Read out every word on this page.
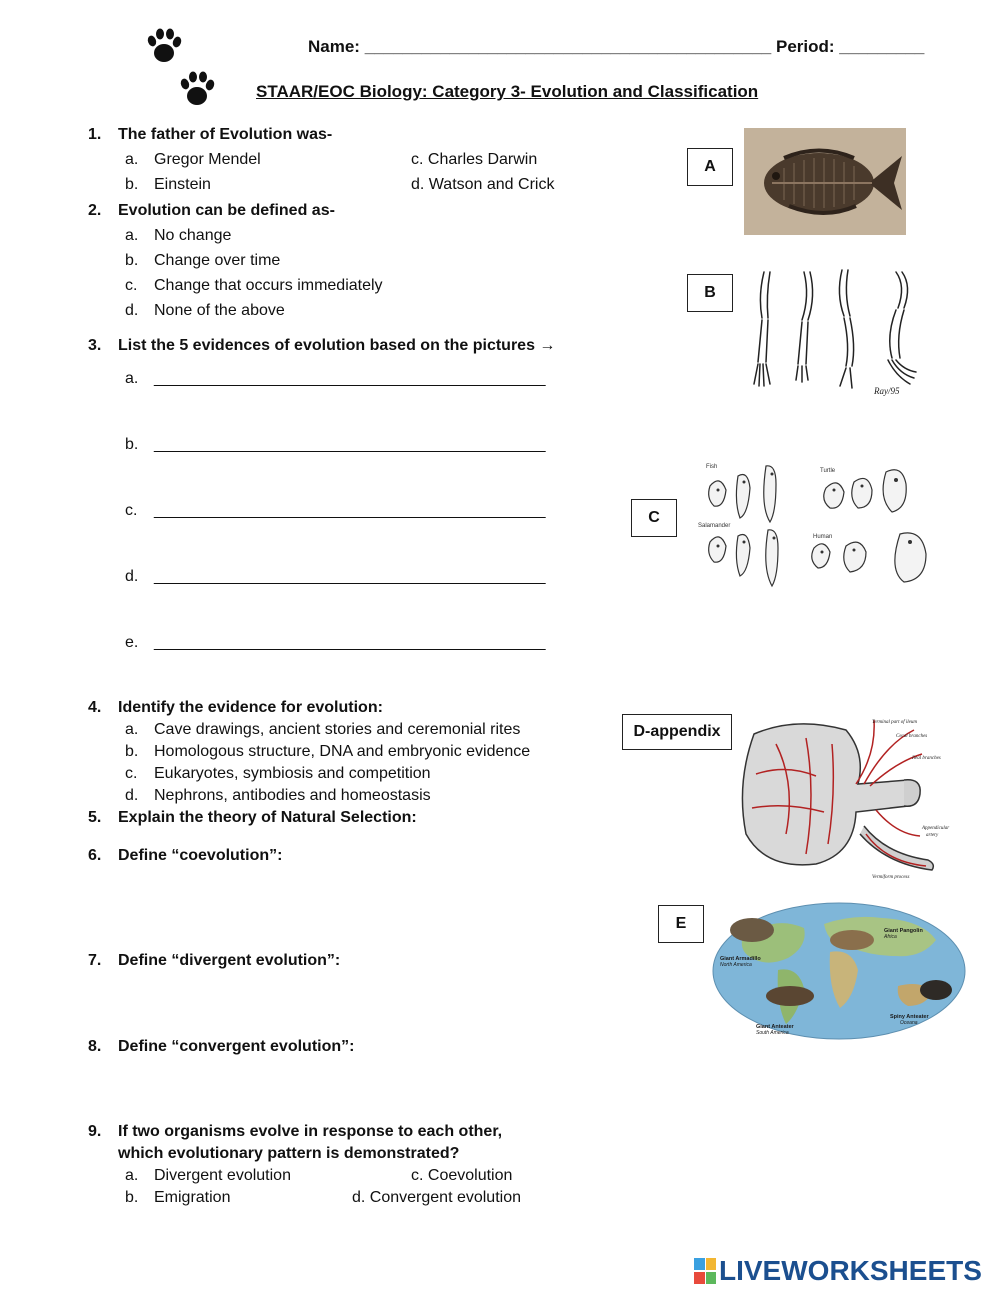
Name: ___________________________________________ Period: _________
STAAR/EOC Biology: Category 3- Evolution and Classification
1. The father of Evolution was-
a. Gregor Mendel	c. Charles Darwin
b. Einstein	d. Watson and Crick
2. Evolution can be defined as-
a. No change
b. Change over time
c. Change that occurs immediately
d. None of the above
3. List the 5 evidences of evolution based on the pictures →
a. ____________________________________________
b. ____________________________________________
c. ____________________________________________
d. ____________________________________________
e. ____________________________________________
4. Identify the evidence for evolution:
a. Cave drawings, ancient stories and ceremonial rites
b. Homologous structure, DNA and embryonic evidence
c. Eukaryotes, symbiosis and competition
d. Nephrons, antibodies and homeostasis
5. Explain the theory of Natural Selection:
6. Define “coevolution”:
7. Define “divergent evolution”:
8. Define “convergent evolution”:
9. If two organisms evolve in response to each other,
which evolutionary pattern is demonstrated?
a. Divergent evolution	c. Coevolution
b. Emigration	d. Convergent evolution
A
B
Ray/95
C
Fish
Turtle
Salamander
Human
D-appendix
Terminal part of ileum
Cecal branches
Ileal branches
Appendicular
artery
Vermiform process
E
Giant Armadillo
Giant Pangolin
Giant Anteater
Spiny Anteater
North America
Africa
South America
Oceana
LIVEWORKSHEETS
